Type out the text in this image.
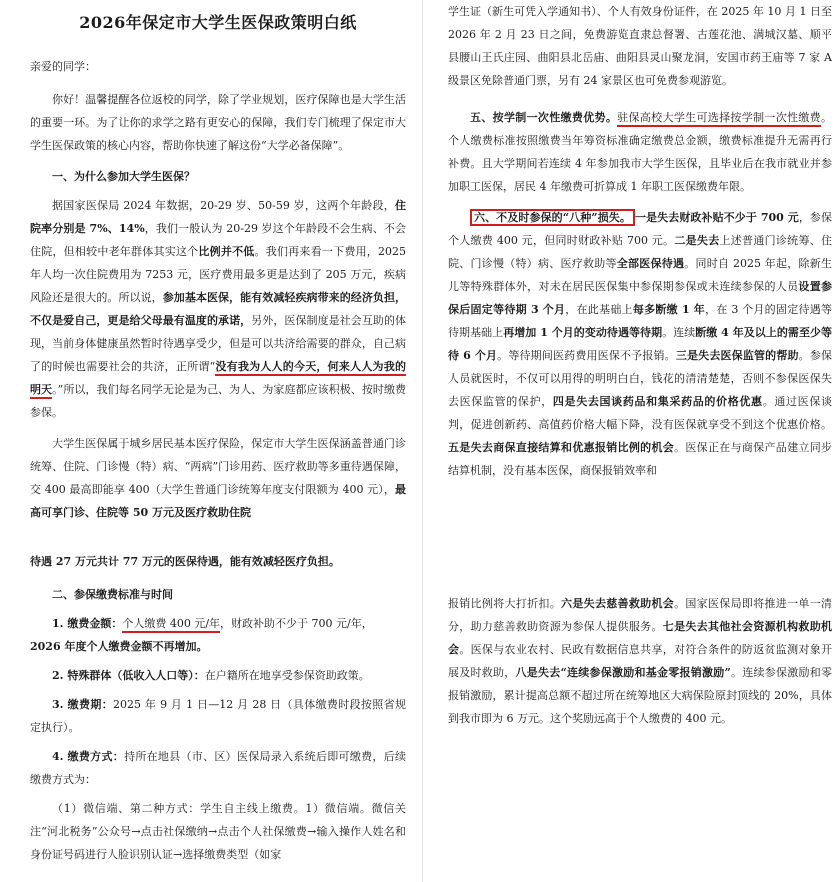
2026年保定市大学生医保政策明白纸

亲爱的同学：

你好！温馨提醒各位返校的同学，除了学业规划，医疗保障也是大学生活的重要一环。为了让你的求学之路有更安心的保障，我们专门梳理了保定市大学生医保政策的核心内容，帮助你快速了解这份“大学必备保障”。

一、为什么参加大学生医保？

据国家医保局 2024 年数据，20-29 岁、50-59 岁，这两个年龄段，住院率分别是 7%、14%，我们一般认为 20-29 岁这个年龄段不会生病、不会住院，但相较中老年群体其实这个比例并不低。我们再来看一下费用，2025 年人均一次住院费用为 7253 元，医疗费用最多更是达到了 205 万元，疾病风险还是很大的。所以说，参加基本医保，能有效减轻疾病带来的经济负担，不仅是爱自己，更是给父母最有温度的承诺，另外，医保制度是社会互助的体现，当前身体健康虽然暂时待遇享受少，但是可以共济给需要的群众，自己病了的时候也需要社会的共济，正所谓“没有我为人人的今天，何来人人为我的明天。”所以，我们每名同学无论是为己、为人、为家庭都应该积极、按时缴费参保。

大学生医保属于城乡居民基本医疗保险，保定市大学生医保涵盖普通门诊统筹、住院、门诊慢（特）病、“两病”门诊用药、医疗救助等多重待遇保障，交 400 最高即能享 400（大学生普通门诊统筹年度支付限额为 400 元），最高可享门诊、住院等 50 万元及医疗救助住院

待遇 27 万元共计 77 万元的医保待遇，能有效减轻医疗负担。

二、参保缴费标准与时间

1. 缴费金额：个人缴费 400 元/年，财政补助不少于 700 元/年，
2026 年度个人缴费金额不再增加。

2. 特殊群体（低收入人口等）：在户籍所在地享受参保资助政策。

3. 缴费期：2025 年 9 月 1 日—12 月 28 日（具体缴费时段按照省规定执行）。

4. 缴费方式：持所在地县（市、区）医保局录入系统后即可缴费，后续缴费方式为：

（1）微信端、第二种方式：学生自主线上缴费。1）微信端。微信关注“河北税务”公众号→点击社保缴纳→点击个人社保缴费→输入操作人姓名和身份证号码进行人脸识别认证→选择缴费类型（如家

学生证（新生可凭入学通知书）、个人有效身份证件，在 2025 年 10 月 1 日至 2026 年 2 月 23 日之间，免费游览直隶总督署、古莲花池、满城汉墓、顺平县腰山王氏庄园、曲阳县北岳庙、曲阳县灵山聚龙洞，安国市药王庙等 7 家 A 级景区免除普通门票，另有 24 家景区也可免费参观游览。

五、按学制一次性缴费优势。驻保高校大学生可选择按学制一次性缴费。个人缴费标准按照缴费当年筹资标准确定缴费总金额，缴费标准提升无需再行补费。且大学期间若连续 4 年参加我市大学生医保，且毕业后在我市就业并参加职工医保，居民 4 年缴费可折算成 1 年职工医保缴费年限。

六、不及时参保的“八种”损失。 一是失去财政补贴不少于 700 元，参保个人缴费 400 元，但同时财政补贴 700 元。二是失去上述普通门诊统筹、住院、门诊慢（特）病、医疗救助等全部医保待遇。同时自 2025 年起，除新生儿等特殊群体外，对未在居民医保集中参保期参保或未连续参保的人员设置参保后固定等待期 3 个月，在此基础上每多断缴 1 年，在 3 个月的固定待遇等待期基础上再增加 1 个月的变动待遇等待期。连续断缴 4 年及以上的需至少等待 6 个月。等待期间医药费用医保不予报销。三是失去医保监管的帮助。参保人员就医时，不仅可以用得的明明白白，钱花的清清楚楚，否则不参保医保失去医保监管的保护，四是失去国谈药品和集采药品的价格优惠。通过医保谈判，促进创新药、高值药价格大幅下降，没有医保就享受不到这个优惠价格。五是失去商保直接结算和优惠报销比例的机会。医保正在与商保产品建立同步结算机制，没有基本医保，商保报销效率和

报销比例将大打折扣。六是失去慈善救助机会。国家医保局即将推进一单一清分，助力慈善救助资源为参保人提供服务。七是失去其他社会资源机构救助机会。医保与农业农村、民政有数据信息共享，对符合条件的防返贫监测对象开展及时救助，八是失去“连续参保激励和基金零报销激励”。连续参保激励和零报销激励，累计提高总额不超过所在统筹地区大病保险原封顶线的 20%，具体到我市即为 6 万元。这个奖励远高于个人缴费的 400 元。
